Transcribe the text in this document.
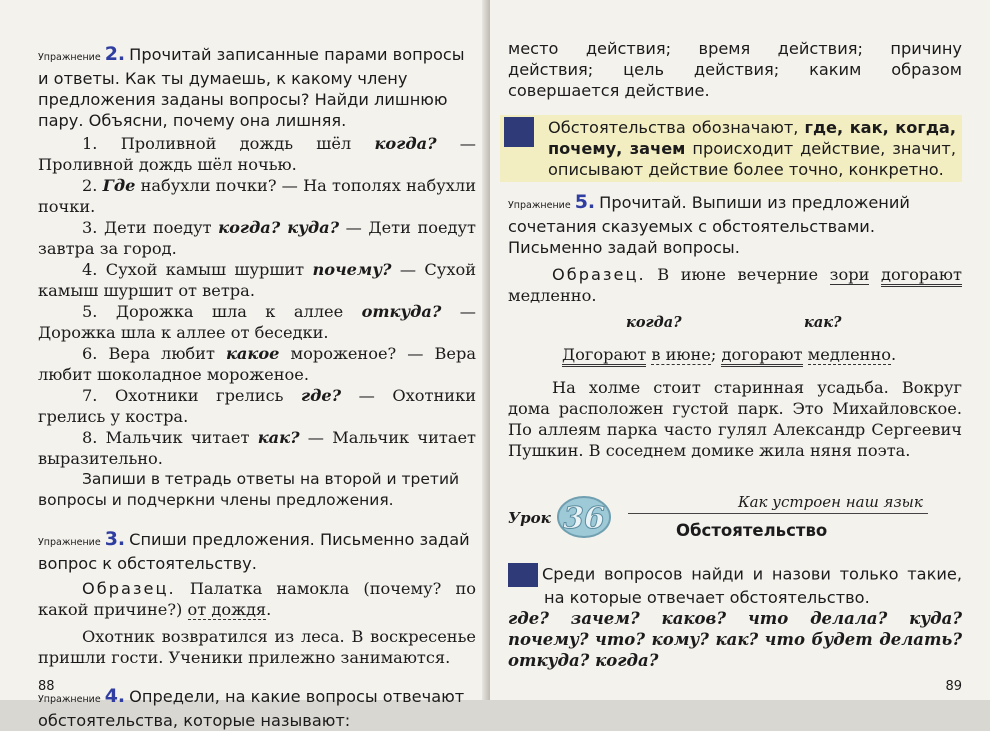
Упражнение 2. Прочитай записанные парами вопросы и ответы. Как ты думаешь, к какому члену предложения заданы вопросы? Найди лишнюю пару. Объясни, почему она лишняя.

1. Проливной дождь шёл когда? — Проливной дождь шёл ночью.

2. Где набухли почки? — На тополях набухли почки.

3. Дети поедут когда? куда? — Дети поедут завтра за город.

4. Сухой камыш шуршит почему? — Сухой камыш шуршит от ветра.

5. Дорожка шла к аллее откуда? — Дорожка шла к аллее от беседки.

6. Вера любит какое мороженое? — Вера любит шоколадное мороженое.

7. Охотники грелись где? — Охотники грелись у костра.

8. Мальчик читает как? — Мальчик читает выразительно.

Запиши в тетрадь ответы на второй и третий вопросы и подчеркни члены предложения.

Упражнение 3. Спиши предложения. Письменно задай вопрос к обстоятельству.

Образец. Палатка намокла (почему? по какой причине?) от дождя.

Охотник возвратился из леса. В воскресенье пришли гости. Ученики прилежно занимаются.

Упражнение 4. Определи, на какие вопросы отвечают обстоятельства, которые называют:

88

место действия; время действия; причину действия; цель действия; каким образом совершается действие.

Обстоятельства обозначают, где, как, когда, почему, зачем происходит действие, значит, описывают действие более точно, конкретно.

Упражнение 5. Прочитай. Выпиши из предложений сочетания сказуемых с обстоятельствами. Письменно задай вопросы.

Образец. В июне вечерние зори догорают медленно.

когда?	как?

Догорают в июне; догорают медленно.

На холме стоит старинная усадьба. Вокруг дома расположен густой парк. Это Михайловское. По аллеям парка часто гулял Александр Сергеевич Пушкин. В соседнем домике жила няня поэта.

Урок 36	Как устроен наш язык
Обстоятельство

Среди вопросов найди и назови только такие, на которые отвечает обстоятельство.

где? зачем? каков? что делала? куда? почему? что? кому? как? что будет делать? откуда? когда?

89
